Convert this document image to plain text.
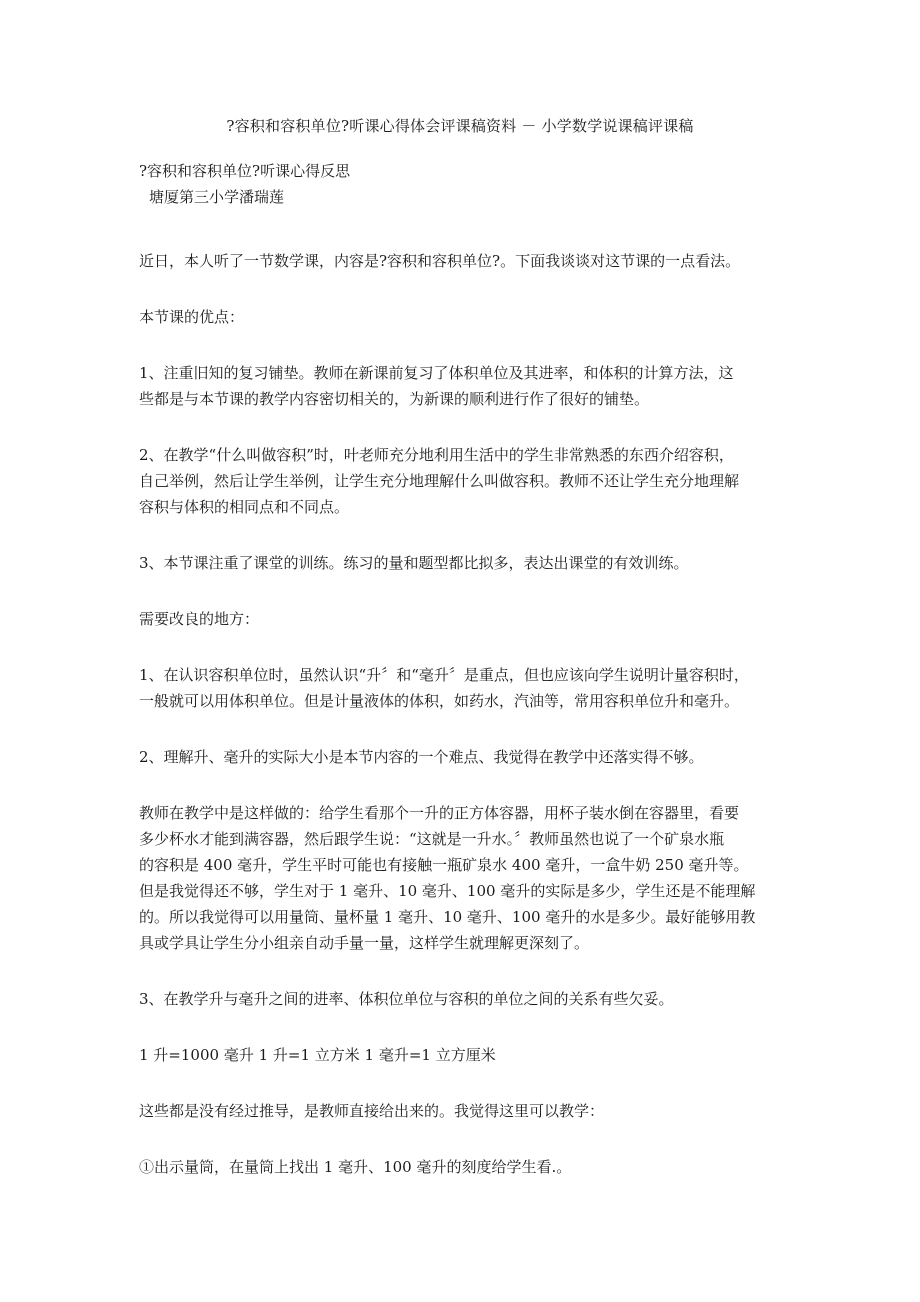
?容积和容积单位?听课心得体会评课稿资料 － 小学数学说课稿评课稿

?容积和容积单位?听课心得反思

塘厦第三小学潘瑞莲

近日，本人听了一节数学课，内容是?容积和容积单位?。下面我谈谈对这节课的一点看法。

本节课的优点：

1、注重旧知的复习铺垫。教师在新课前复习了体积单位及其进率，和体积的计算方法，这

些都是与本节课的教学内容密切相关的，为新课的顺利进行作了很好的铺垫。

2、在教学“什么叫做容积”时，叶老师充分地利用生活中的学生非常熟悉的东西介绍容积，

自己举例，然后让学生举例，让学生充分地理解什么叫做容积。教师不还让学生充分地理解

容积与体积的相同点和不同点。

3、本节课注重了课堂的训练。练习的量和题型都比拟多，表达出课堂的有效训练。

需要改良的地方：

1、在认识容积单位时，虽然认识“升〞和“毫升〞是重点，但也应该向学生说明计量容积时，

一般就可以用体积单位。但是计量液体的体积，如药水，汽油等，常用容积单位升和毫升。

2、理解升、毫升的实际大小是本节内容的一个难点、我觉得在教学中还落实得不够。

教师在教学中是这样做的：给学生看那个一升的正方体容器，用杯子装水倒在容器里，看要

多少杯水才能到满容器，然后跟学生说：“这就是一升水。〞教师虽然也说了一个矿泉水瓶

的容积是 400 毫升，学生平时可能也有接触一瓶矿泉水 400 毫升，一盒牛奶 250 毫升等。

但是我觉得还不够，学生对于 1 毫升、10 毫升、100 毫升的实际是多少，学生还是不能理解

的。所以我觉得可以用量筒、量杯量 1 毫升、10 毫升、100 毫升的水是多少。最好能够用教

具或学具让学生分小组亲自动手量一量，这样学生就理解更深刻了。

3、在教学升与毫升之间的进率、体积位单位与容积的单位之间的关系有些欠妥。

1 升=1000 毫升 1 升=1 立方米 1 毫升=1 立方厘米

这些都是没有经过推导，是教师直接给出来的。我觉得这里可以教学：

①出示量筒，在量筒上找出 1 毫升、100 毫升的刻度给学生看.。
